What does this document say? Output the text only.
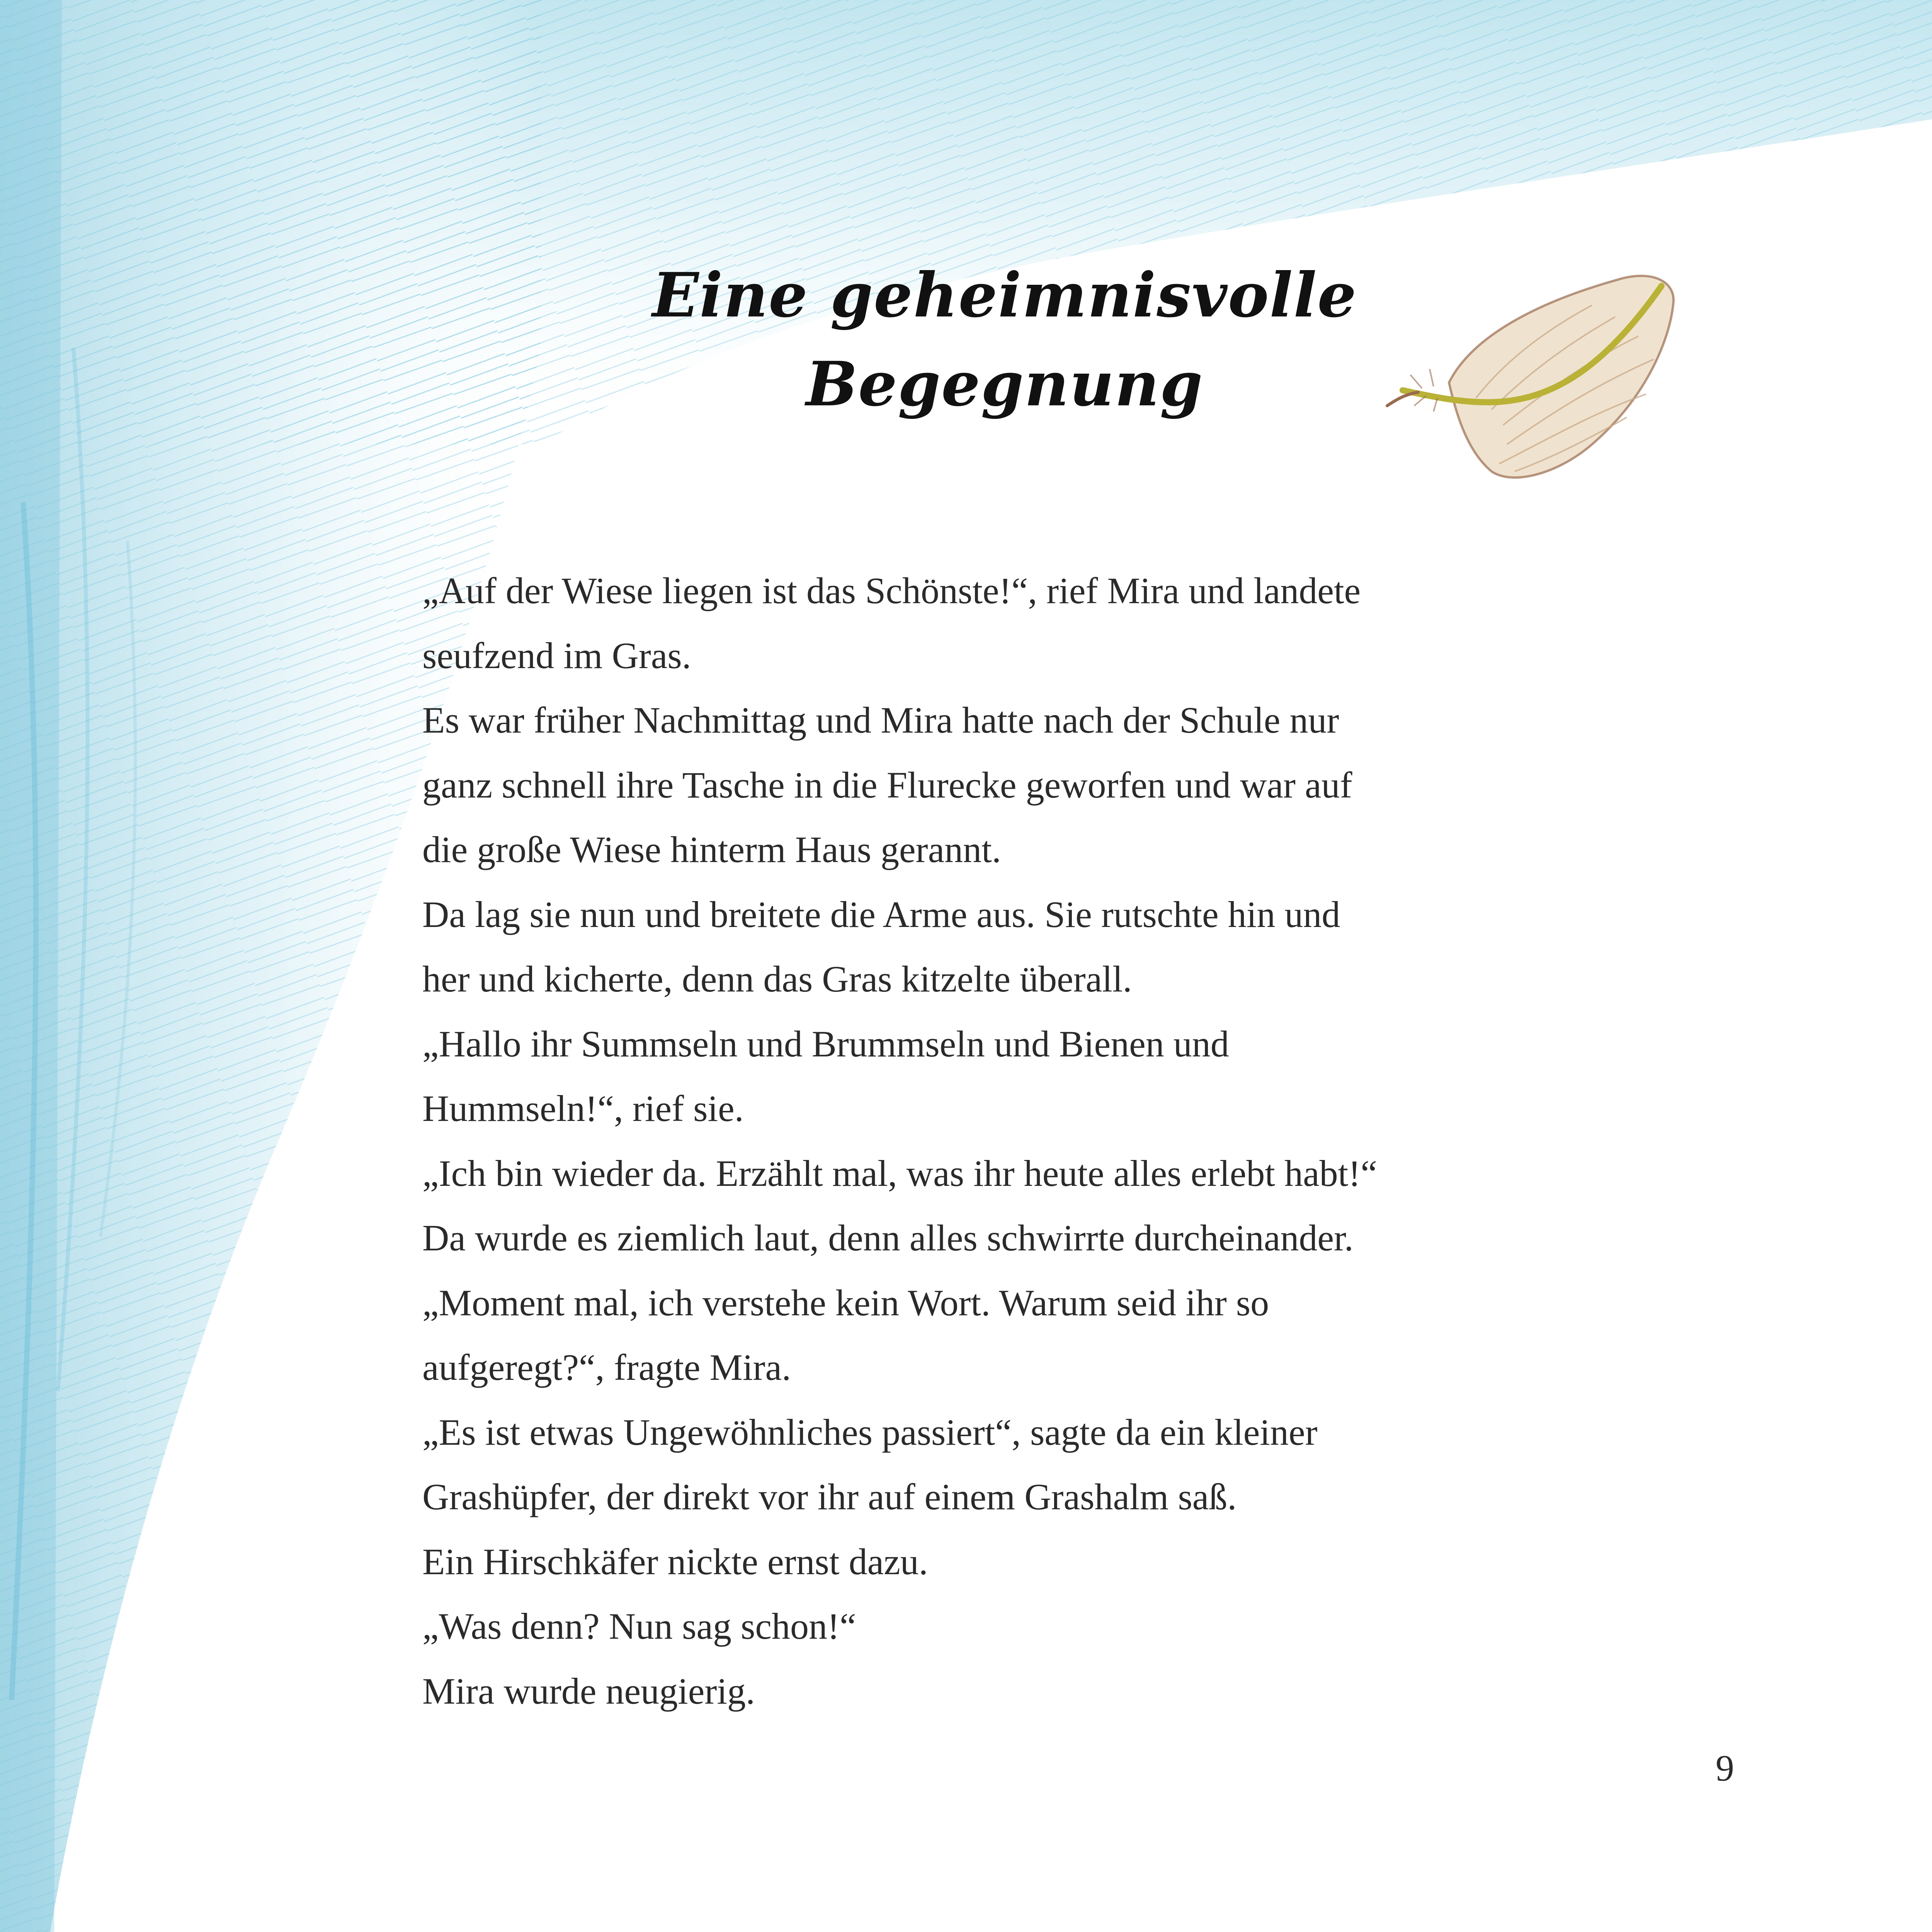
Eine geheimnisvolle
Begegnung
„Auf der Wiese liegen ist das Schönste!“, rief Mira und landete
seufzend im Gras.
Es war früher Nachmittag und Mira hatte nach der Schule nur
ganz schnell ihre Tasche in die Flurecke geworfen und war auf
die große Wiese hinterm Haus gerannt.
Da lag sie nun und breitete die Arme aus. Sie rutschte hin und
her und kicherte, denn das Gras kitzelte überall.
„Hallo ihr Summseln und Brummseln und Bienen und
Hummseln!“, rief sie.
„Ich bin wieder da. Erzählt mal, was ihr heute alles erlebt habt!“
Da wurde es ziemlich laut, denn alles schwirrte durcheinander.
„Moment mal, ich verstehe kein Wort. Warum seid ihr so
aufgeregt?“, fragte Mira.
„Es ist etwas Ungewöhnliches passiert“, sagte da ein kleiner
Grashüpfer, der direkt vor ihr auf einem Grashalm saß.
Ein Hirschkäfer nickte ernst dazu.
„Was denn? Nun sag schon!“
Mira wurde neugierig.
9
